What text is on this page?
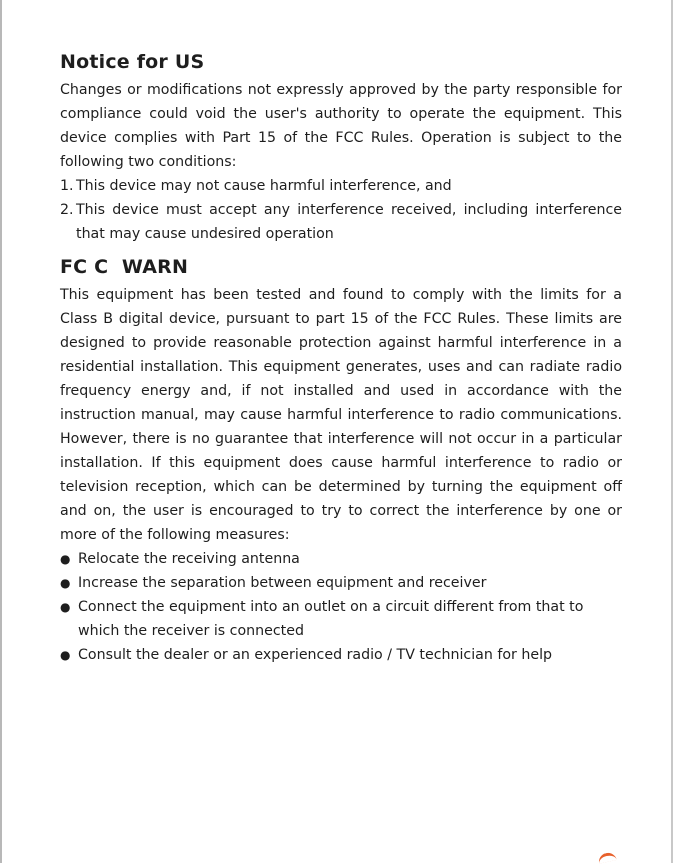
Notice for US

Changes or modifications not expressly approved by the party responsible for compliance could void the user's authority to operate the equipment. This device complies with Part 15 of the FCC Rules. Operation is subject to the following two conditions:

1. This device may not cause harmful interference, and
2. This device must accept any interference received, including interference that may cause undesired operation
FC C  WARN

This equipment has been tested and found to comply with the limits for a Class B digital device, pursuant to part 15 of the FCC Rules. These limits are designed to provide reasonable protection against harmful interference in a residential installation. This equipment generates, uses and can radiate radio frequency energy and, if not installed and used in accordance with the instruction manual, may cause harmful interference to radio communications. However, there is no guarantee that interference will not occur in a particular installation. If this equipment does cause harmful interference to radio or television reception, which can be determined by turning the equipment off and on, the user is encouraged to try to correct the interference by one or more of the following measures:

● Relocate the receiving antenna
● Increase the separation between equipment and receiver
● Connect the equipment into an outlet on a circuit different from that to which the receiver is connected
● Consult the dealer or an experienced radio / TV technician for help
